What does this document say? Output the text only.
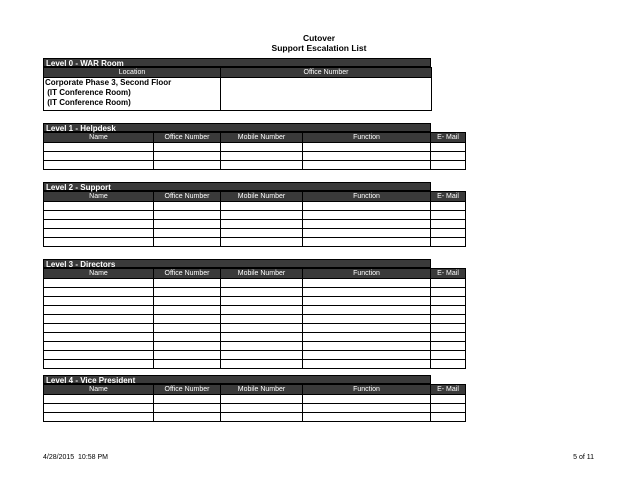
Cutover
Support Escalation List
Level 0 - WAR Room
Location	Office Number

Corporate Phase 3, Second Floor
(IT Conference Room)
(IT Conference Room)	

Level 1 - Helpdesk
Name	Office Number	Mobile Number	Function	E- Mail

Level 2 - Support
Name	Office Number	Mobile Number	Function	E- Mail

Level 3 - Directors
Name	Office Number	Mobile Number	Function	E- Mail

Level 4 - Vice President
Name	Office Number	Mobile Number	Function	E- Mail

4/28/2015  10:58 PM	5 of 11
